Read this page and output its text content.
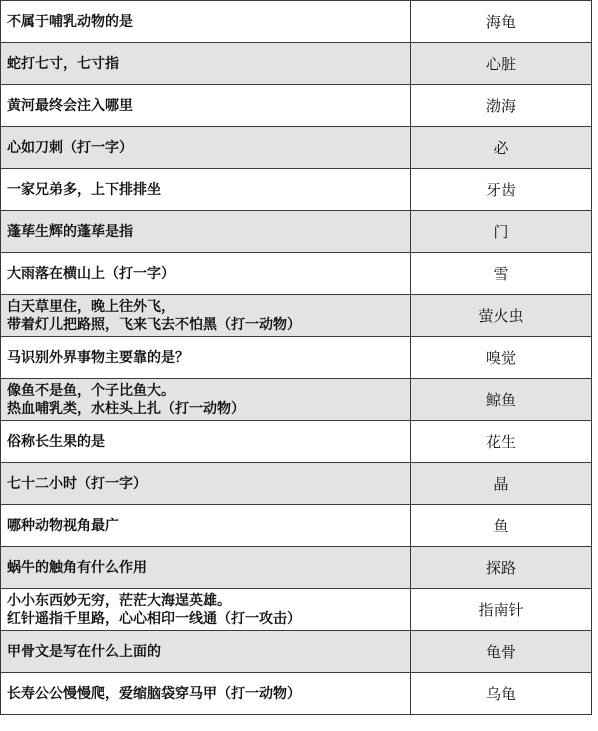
不属于哺乳动物的是	海龟
蛇打七寸，七寸指	心脏
黄河最终会注入哪里	渤海
心如刀刺（打一字）	必
一家兄弟多，上下排排坐	牙齿
蓬荜生辉的蓬荜是指	门
大雨落在横山上（打一字）	雪
白天草里住，晚上往外飞，
带着灯儿把路照，飞来飞去不怕黑（打一动物）	萤火虫
马识别外界事物主要靠的是？	嗅觉
像鱼不是鱼，个子比鱼大。
热血哺乳类，水柱头上扎（打一动物）	鲸鱼
俗称长生果的是	花生
七十二小时（打一字）	晶
哪种动物视角最广	鱼
蜗牛的触角有什么作用	探路
小小东西妙无穷，茫茫大海逞英雄。
红针遥指千里路，心心相印一线通（打一攻击）	指南针
甲骨文是写在什么上面的	龟骨
长寿公公慢慢爬，爱缩脑袋穿马甲（打一动物）	乌龟
